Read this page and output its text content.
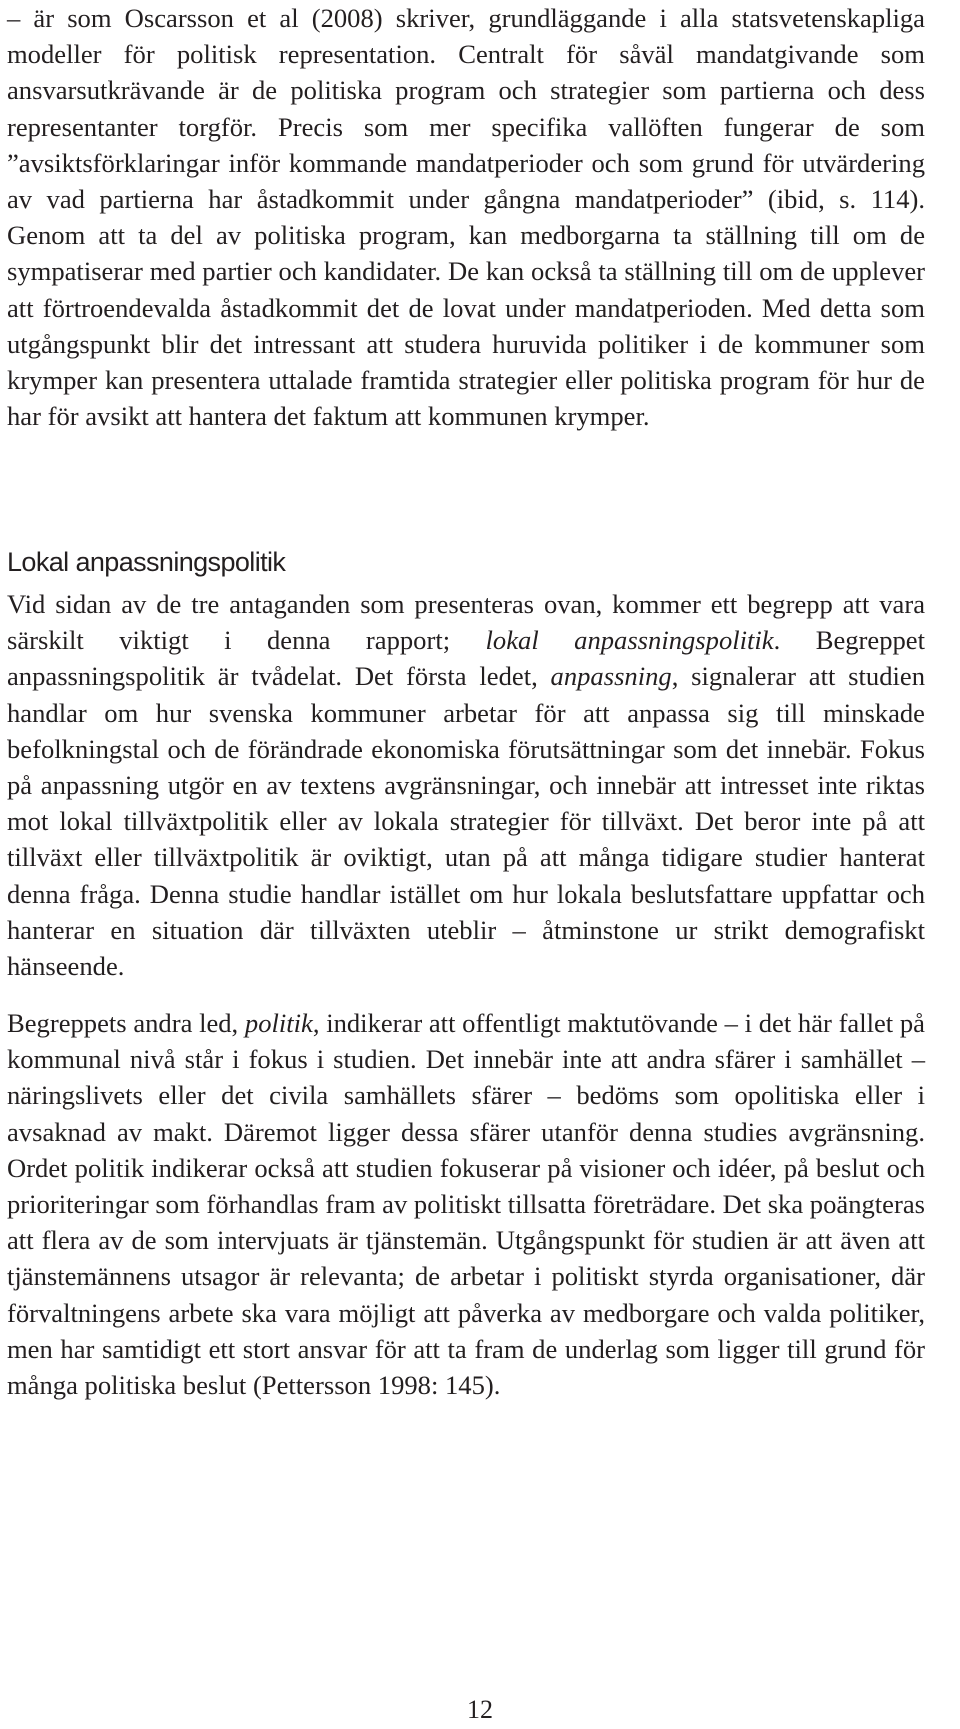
– är som Oscarsson et al (2008) skriver, grundläggande i alla statsvetenskapliga modeller för politisk representation. Centralt för såväl mandatgivande som ansvarsutkrävande är de politiska program och strategier som partierna och dess representanter torgför. Precis som mer specifika vallöften fungerar de som ”avsiktsförklaringar inför kommande mandatperioder och som grund för utvärdering av vad partierna har åstadkommit under gångna mandatperioder” (ibid, s. 114). Genom att ta del av politiska program, kan medborgarna ta ställning till om de sympatiserar med partier och kandidater. De kan också ta ställning till om de upplever att förtroendevalda åstadkommit det de lovat under mandatperioden. Med detta som utgångspunkt blir det intressant att studera huruvida politiker i de kommuner som krymper kan presentera uttalade framtida strategier eller politiska program för hur de har för avsikt att hantera det faktum att kommunen krymper.

Lokal anpassningspolitik

Vid sidan av de tre antaganden som presenteras ovan, kommer ett begrepp att vara särskilt viktigt i denna rapport; lokal anpassningspolitik. Begreppet anpassningspolitik är tvådelat. Det första ledet, anpassning, signalerar att studien handlar om hur svenska kommuner arbetar för att anpassa sig till minskade befolkningstal och de förändrade ekonomiska förutsättningar som det innebär. Fokus på anpassning utgör en av textens avgränsningar, och innebär att intresset inte riktas mot lokal tillväxtpolitik eller av lokala strategier för tillväxt. Det beror inte på att tillväxt eller tillväxtpolitik är oviktigt, utan på att många tidigare studier hanterat denna fråga. Denna studie handlar istället om hur lokala beslutsfattare uppfattar och hanterar en situation där tillväxten uteblir – åtminstone ur strikt demografiskt hänseende.

Begreppets andra led, politik, indikerar att offentligt maktutövande – i det här fallet på kommunal nivå står i fokus i studien. Det innebär inte att andra sfärer i samhället – näringslivets eller det civila samhällets sfärer – bedöms som opolitiska eller i avsaknad av makt. Däremot ligger dessa sfärer utanför denna studies avgränsning. Ordet politik indikerar också att studien fokuserar på visioner och idéer, på beslut och prioriteringar som förhandlas fram av politiskt tillsatta företrädare. Det ska poängteras att flera av de som intervjuats är tjänstemän. Utgångspunkt för studien är att även att tjänstemännens utsagor är relevanta; de arbetar i politiskt styrda organisationer, där förvaltningens arbete ska vara möjligt att påverka av medborgare och valda politiker, men har samtidigt ett stort ansvar för att ta fram de underlag som ligger till grund för många politiska beslut (Pettersson 1998: 145).

12
